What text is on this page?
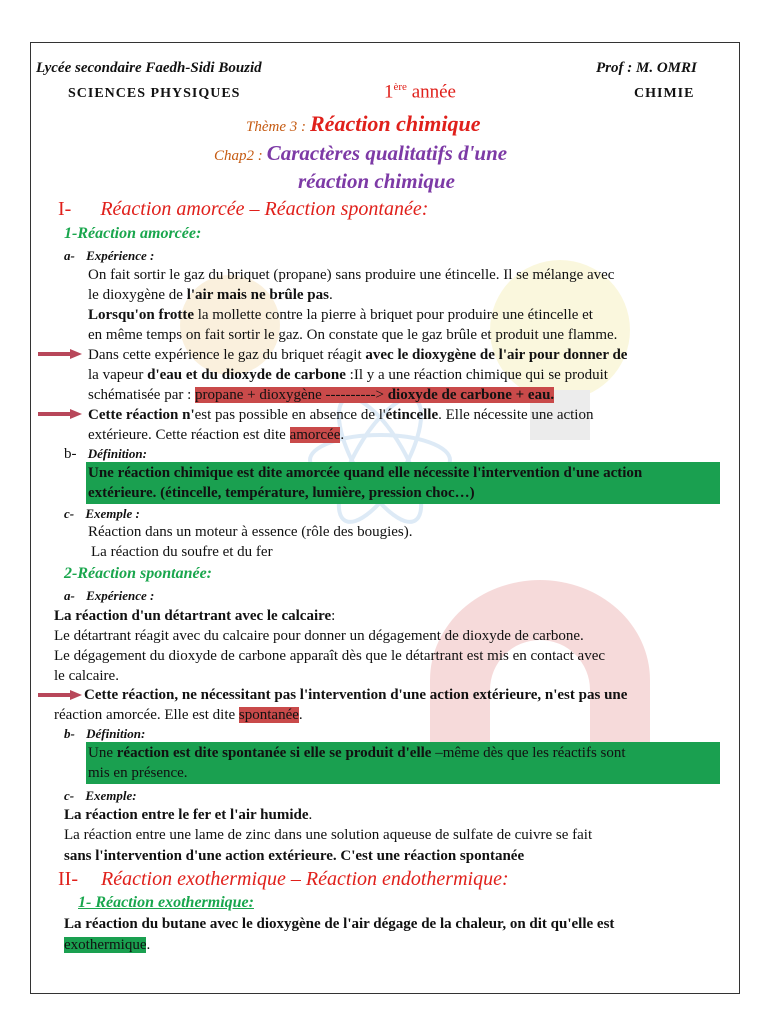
Lycée secondaire Faedh-Sidi Bouzid	Prof : M. OMRI
SCIENCES PHYSIQUES	1ère année	CHIMIE
Thème 3 : Réaction chimique
Chap2 : Caractères qualitatifs d'une
réaction chimique
I- Réaction amorcée – Réaction spontanée:
1-Réaction amorcée:
a- Expérience :
On fait sortir le gaz du briquet (propane) sans produire une étincelle. Il se mélange avec
le dioxygène de l'air mais ne brûle pas.
Lorsqu'on frotte la mollette contre la pierre à briquet pour produire une étincelle et
en même temps on fait sortir le gaz. On constate que le gaz brûle et produit une flamme.
Dans cette expérience le gaz du briquet réagit avec le dioxygène de l'air pour donner de
la vapeur d'eau et du dioxyde de carbone :Il y a une réaction chimique qui se produit
schématisée par : propane + dioxygène ----------> dioxyde de carbone + eau.
Cette réaction n'est pas possible en absence de l'étincelle. Elle nécessite une action
extérieure. Cette réaction est dite amorcée.
b- Définition:
Une réaction chimique est dite amorcée quand elle nécessite l'intervention d'une action
extérieure. (étincelle, température, lumière, pression choc…)
c- Exemple :
Réaction dans un moteur à essence (rôle des bougies).
La réaction du soufre et du fer
2-Réaction spontanée:
a- Expérience :
La réaction d'un détartrant avec le calcaire:
Le détartrant réagit avec du calcaire pour donner un dégagement de dioxyde de carbone.
Le dégagement du dioxyde de carbone apparaît dès que le détartrant est mis en contact avec
le calcaire.
Cette réaction, ne nécessitant pas l'intervention d'une action extérieure, n'est pas une
réaction amorcée. Elle est dite spontanée.
b- Définition:
Une réaction est dite spontanée si elle se produit d'elle –même dès que les réactifs sont
mis en présence.
c- Exemple:
La réaction entre le fer et l'air humide.
La réaction entre une lame de zinc dans une solution aqueuse de sulfate de cuivre se fait
sans l'intervention d'une action extérieure. C'est une réaction spontanée
II- Réaction exothermique – Réaction endothermique:
1- Réaction exothermique:
La réaction du butane avec le dioxygène de l'air dégage de la chaleur, on dit qu'elle est
exothermique.
